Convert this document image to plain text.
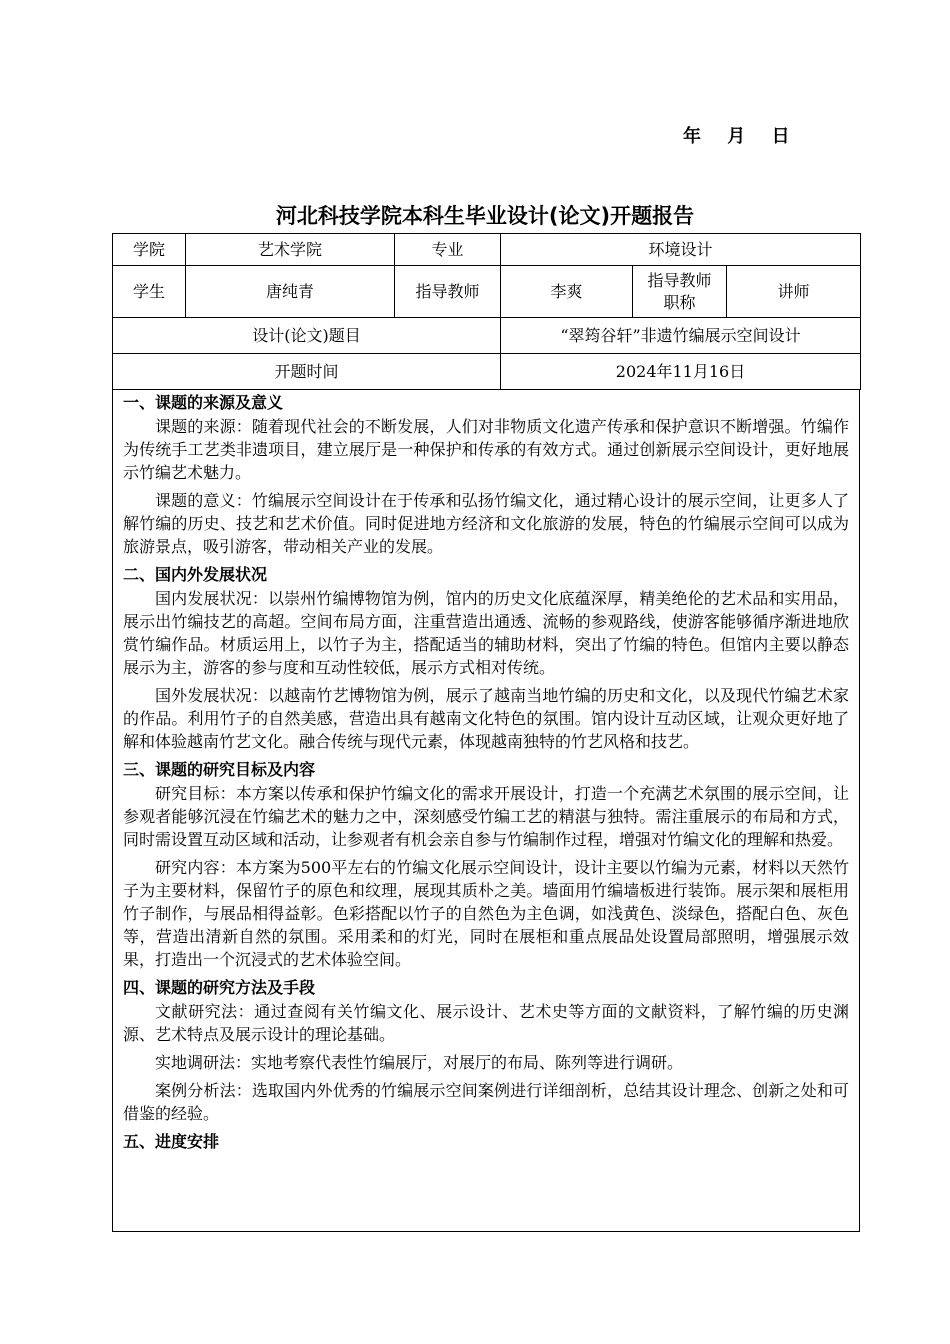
年 月 日
河北科技学院本科生毕业设计(论文)开题报告
学院	艺术学院	专业	环境设计		
学生	唐纯青	指导教师	李爽	指导教师职称	讲师
设计(论文)题目			“翠筠谷轩”非遗竹编展示空间设计		
开题时间			2024年11月16日		

一、课题的来源及意义

课题的来源：随着现代社会的不断发展，人们对非物质文化遗产传承和保护意识不断增强。竹编作为传统手工艺类非遗项目，建立展厅是一种保护和传承的有效方式。通过创新展示空间设计，更好地展示竹编艺术魅力。

课题的意义：竹编展示空间设计在于传承和弘扬竹编文化，通过精心设计的展示空间，让更多人了解竹编的历史、技艺和艺术价值。同时促进地方经济和文化旅游的发展，特色的竹编展示空间可以成为旅游景点，吸引游客，带动相关产业的发展。

二、国内外发展状况

国内发展状况：以崇州竹编博物馆为例，馆内的历史文化底蕴深厚，精美绝伦的艺术品和实用品，展示出竹编技艺的高超。空间布局方面，注重营造出通透、流畅的参观路线，使游客能够循序渐进地欣赏竹编作品。材质运用上，以竹子为主，搭配适当的辅助材料，突出了竹编的特色。但馆内主要以静态展示为主，游客的参与度和互动性较低，展示方式相对传统。

国外发展状况：以越南竹艺博物馆为例，展示了越南当地竹编的历史和文化，以及现代竹编艺术家的作品。利用竹子的自然美感，营造出具有越南文化特色的氛围。馆内设计互动区域，让观众更好地了解和体验越南竹艺文化。融合传统与现代元素，体现越南独特的竹艺风格和技艺。

三、课题的研究目标及内容

研究目标：本方案以传承和保护竹编文化的需求开展设计，打造一个充满艺术氛围的展示空间，让参观者能够沉浸在竹编艺术的魅力之中，深刻感受竹编工艺的精湛与独特。需注重展示的布局和方式，同时需设置互动区域和活动，让参观者有机会亲自参与竹编制作过程，增强对竹编文化的理解和热爱。

研究内容：本方案为500平左右的竹编文化展示空间设计，设计主要以竹编为元素，材料以天然竹子为主要材料，保留竹子的原色和纹理，展现其质朴之美。墙面用竹编墙板进行装饰。展示架和展柜用竹子制作，与展品相得益彰。色彩搭配以竹子的自然色为主色调，如浅黄色、淡绿色，搭配白色、灰色等，营造出清新自然的氛围。采用柔和的灯光，同时在展柜和重点展品处设置局部照明，增强展示效果，打造出一个沉浸式的艺术体验空间。

四、课题的研究方法及手段

文献研究法：通过查阅有关竹编文化、展示设计、艺术史等方面的文献资料，了解竹编的历史渊源、艺术特点及展示设计的理论基础。

实地调研法：实地考察代表性竹编展厅，对展厅的布局、陈列等进行调研。

案例分析法：选取国内外优秀的竹编展示空间案例进行详细剖析，总结其设计理念、创新之处和可借鉴的经验。

五、进度安排
